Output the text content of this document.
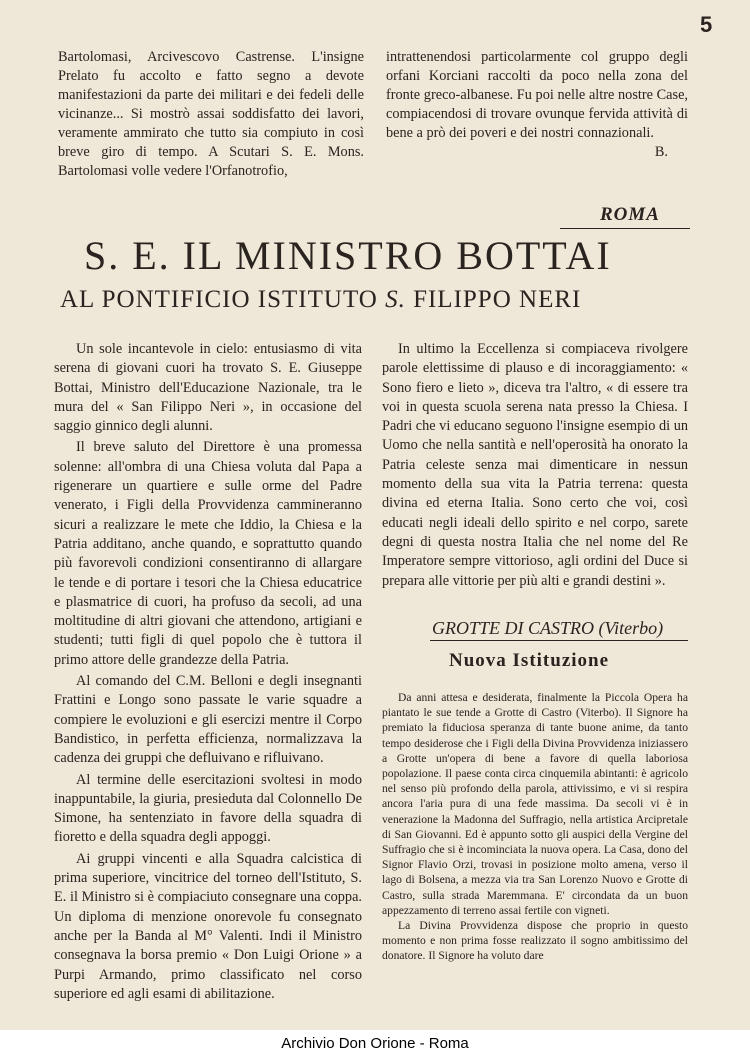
5

Bartolomasi, Arcivescovo Castrense. L'insigne Prelato fu accolto e fatto segno a devote manifestazioni da parte dei militari e dei fedeli delle vicinanze... Si mostrò assai soddisfatto dei lavori, veramente ammirato che tutto sia compiuto in così breve giro di tempo. A Scutari S. E. Mons. Bartolomasi volle vedere l'Orfanotrofio,

intrattenendosi particolarmente col gruppo degli orfani Korciani raccolti da poco nella zona del fronte greco-albanese. Fu poi nelle altre nostre Case, compiacendosi di trovare ovunque fervida attività di bene a prò dei poveri e dei nostri connazionali.

B.

ROMA
S. E. IL MINISTRO BOTTAI
AL PONTIFICIO ISTITUTO S. FILIPPO NERI

Un sole incantevole in cielo: entusiasmo di vita serena di giovani cuori ha trovato S. E. Giuseppe Bottai, Ministro dell'Educazione Nazionale, tra le mura del « San Filippo Neri », in occasione del saggio ginnico degli alunni.

Il breve saluto del Direttore è una promessa solenne: all'ombra di una Chiesa voluta dal Papa a rigenerare un quartiere e sulle orme del Padre venerato, i Figli della Provvidenza cammineranno sicuri a realizzare le mete che Iddio, la Chiesa e la Patria additano, anche quando, e soprattutto quando più favorevoli condizioni consentiranno di allargare le tende e di portare i tesori che la Chiesa educatrice e plasmatrice di cuori, ha profuso da secoli, ad una moltitudine di altri giovani che attendono, artigiani e studenti; tutti figli di quel popolo che è tuttora il primo attore delle grandezze della Patria.

Al comando del C.M. Belloni e degli insegnanti Frattini e Longo sono passate le varie squadre a compiere le evoluzioni e gli esercizi mentre il Corpo Bandistico, in perfetta efficienza, normalizzava la cadenza dei gruppi che defluivano e rifluivano.

Al termine delle esercitazioni svoltesi in modo inappuntabile, la giuria, presieduta dal Colonnello De Simone, ha sentenziato in favore della squadra di fioretto e della squadra degli appoggi.

Ai gruppi vincenti e alla Squadra calcistica di prima superiore, vincitrice del torneo dell'Istituto, S. E. il Ministro si è compiaciuto consegnare una coppa. Un diploma di menzione onorevole fu consegnato anche per la Banda al M° Valenti. Indi il Ministro consegnava la borsa premio « Don Luigi Orione » a Purpi Armando, primo classificato nel corso superiore ed agli esami di abilitazione.

In ultimo la Eccellenza si compiaceva rivolgere parole elettissime di plauso e di incoraggiamento: « Sono fiero e lieto », diceva tra l'altro, « di essere tra voi in questa scuola serena nata presso la Chiesa. I Padri che vi educano seguono l'insigne esempio di un Uomo che nella santità e nell'operosità ha onorato la Patria celeste senza mai dimenticare in nessun momento della sua vita la Patria terrena: questa divina ed eterna Italia. Sono certo che voi, così educati negli ideali dello spirito e nel corpo, sarete degni di questa nostra Italia che nel nome del Re Imperatore sempre vittorioso, agli ordini del Duce si prepara alle vittorie per più alti e grandi destini ».

GROTTE DI CASTRO (Viterbo)
Nuova Istituzione

Da anni attesa e desiderata, finalmente la Piccola Opera ha piantato le sue tende a Grotte di Castro (Viterbo). Il Signore ha premiato la fiduciosa speranza di tante buone anime, da tanto tempo desiderose che i Figli della Divina Provvidenza iniziassero a Grotte un'opera di bene a favore di quella laboriosa popolazione. Il paese conta circa cinquemila abintanti: è agricolo nel senso più profondo della parola, attivissimo, e vi si respira ancora l'aria pura di una fede massima. Da secoli vi è in venerazione la Madonna del Suffragio, nella artistica Arcipretale di San Giovanni. Ed è appunto sotto gli auspici della Vergine del Suffragio che si è incominciata la nuova opera. La Casa, dono del Signor Flavio Orzi, trovasi in posizione molto amena, verso il lago di Bolsena, a mezza via tra San Lorenzo Nuovo e Grotte di Castro, sulla strada Maremmana. E' circondata da un buon appezzamento di terreno assai fertile con vigneti.

La Divina Provvidenza dispose che proprio in questo momento e non prima fosse realizzato il sogno ambitissimo del donatore. Il Signore ha voluto dare

Archivio Don Orione - Roma
